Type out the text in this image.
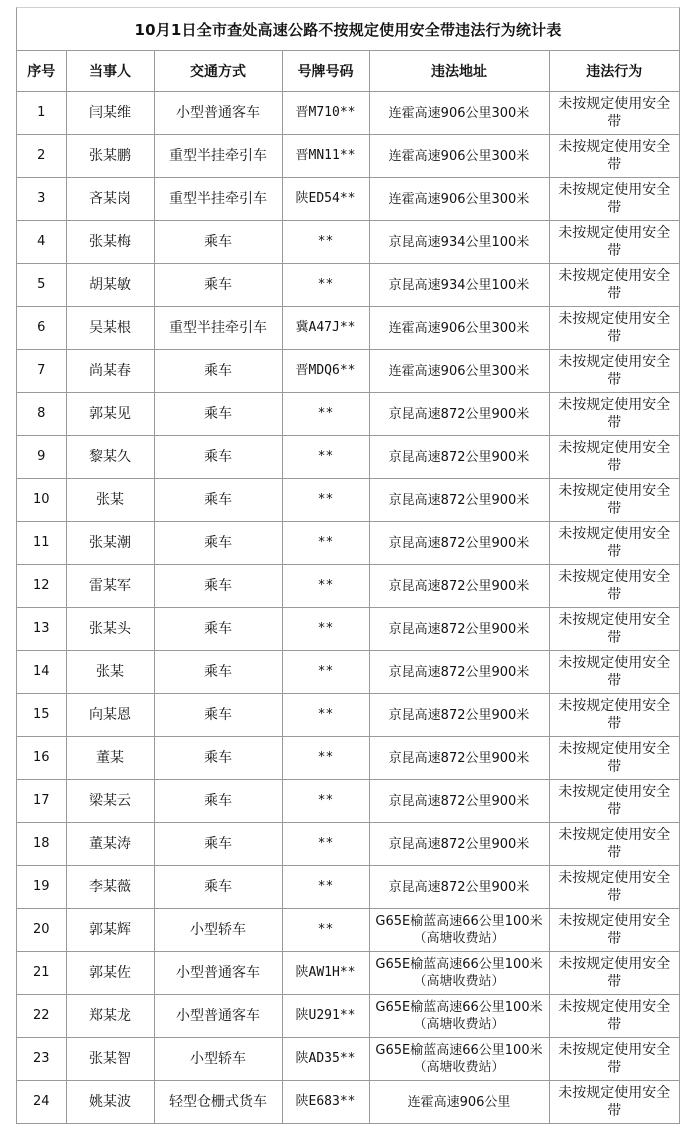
10月1日全市查处高速公路不按规定使用安全带违法行为统计表
序号	当事人	交通方式	号牌号码	违法地址	违法行为
1	闫某维	小型普通客车	晋M710**	连霍高速906公里300米	未按规定使用安全带
2	张某鹏	重型半挂牵引车	晋MN11**	连霍高速906公里300米	未按规定使用安全带
3	吝某岗	重型半挂牵引车	陕ED54**	连霍高速906公里300米	未按规定使用安全带
4	张某梅	乘车	**	京昆高速934公里100米	未按规定使用安全带
5	胡某敏	乘车	**	京昆高速934公里100米	未按规定使用安全带
6	吴某根	重型半挂牵引车	冀A47J**	连霍高速906公里300米	未按规定使用安全带
7	尚某春	乘车	晋MDQ6**	连霍高速906公里300米	未按规定使用安全带
8	郭某见	乘车	**	京昆高速872公里900米	未按规定使用安全带
9	黎某久	乘车	**	京昆高速872公里900米	未按规定使用安全带
10	张某	乘车	**	京昆高速872公里900米	未按规定使用安全带
11	张某潮	乘车	**	京昆高速872公里900米	未按规定使用安全带
12	雷某军	乘车	**	京昆高速872公里900米	未按规定使用安全带
13	张某头	乘车	**	京昆高速872公里900米	未按规定使用安全带
14	张某	乘车	**	京昆高速872公里900米	未按规定使用安全带
15	向某恩	乘车	**	京昆高速872公里900米	未按规定使用安全带
16	董某	乘车	**	京昆高速872公里900米	未按规定使用安全带
17	梁某云	乘车	**	京昆高速872公里900米	未按规定使用安全带
18	董某涛	乘车	**	京昆高速872公里900米	未按规定使用安全带
19	李某薇	乘车	**	京昆高速872公里900米	未按规定使用安全带
20	郭某辉	小型轿车	**	G65E榆蓝高速66公里100米（高塘收费站）	未按规定使用安全带
21	郭某佐	小型普通客车	陕AW1H**	G65E榆蓝高速66公里100米（高塘收费站）	未按规定使用安全带
22	郑某龙	小型普通客车	陕U291**	G65E榆蓝高速66公里100米（高塘收费站）	未按规定使用安全带
23	张某智	小型轿车	陕AD35**	G65E榆蓝高速66公里100米（高塘收费站）	未按规定使用安全带
24	姚某波	轻型仓栅式货车	陕E683**	连霍高速906公里	未按规定使用安全带
